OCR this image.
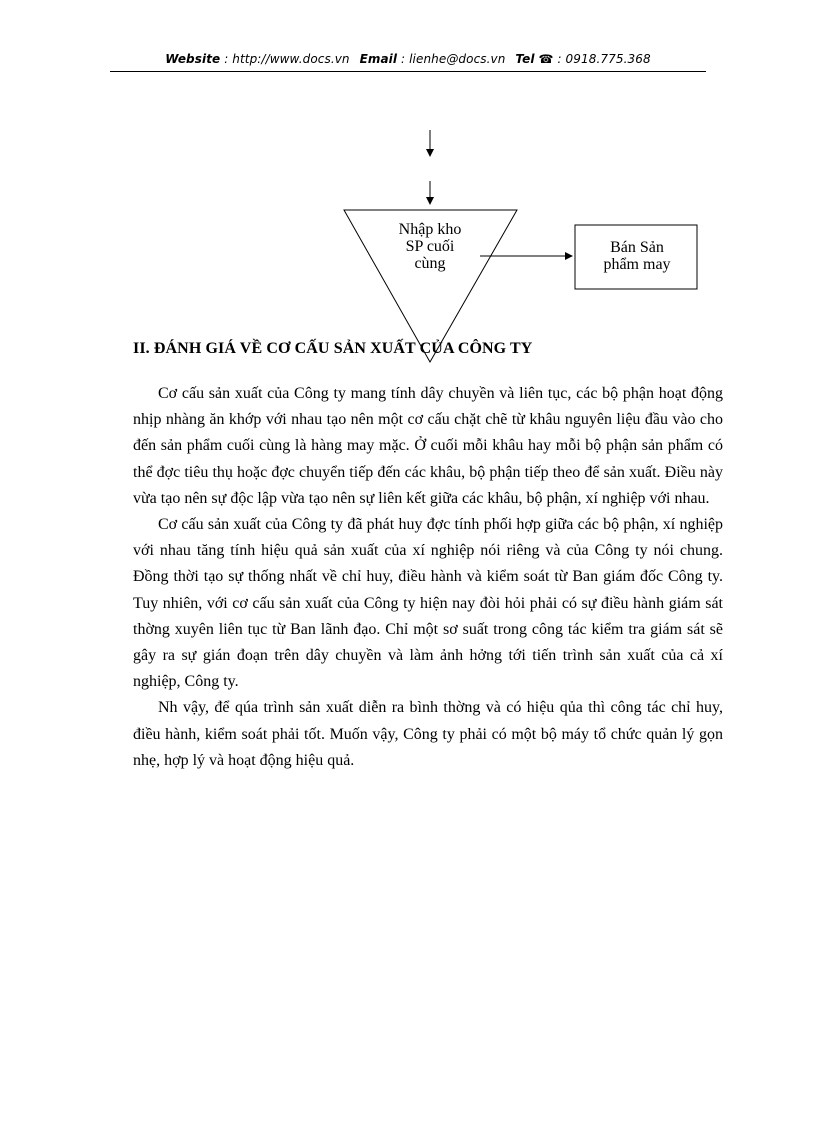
Website : http://www.docs.vn Email : lienhe@docs.vn Tel ☎ : 0918.775.368
Nhập kho
SP cuối
cùng
Bán Sản
phẩm may
II. ĐÁNH GIÁ VỀ CƠ CẤU SẢN XUẤT CỦA CÔNG TY

Cơ cấu sản xuất của Công ty mang tính dây chuyền và liên tục, các bộ phận hoạt động nhịp nhàng ăn khớp với nhau tạo nên một cơ cấu chặt chẽ từ khâu nguyên liệu đầu vào cho đến sản phẩm cuối cùng là hàng may mặc. Ở cuối mỗi khâu hay mỗi bộ phận sản phẩm có thể đợc tiêu thụ hoặc đợc chuyển tiếp đến các khâu, bộ phận tiếp theo để sản xuất. Điều này vừa tạo nên sự độc lập vừa tạo nên sự liên kết giữa các khâu, bộ phận, xí nghiệp với nhau.

Cơ cấu sản xuất của Công ty đã phát huy đợc tính phối hợp giữa các bộ phận, xí nghiệp với nhau tăng tính hiệu quả sản xuất của xí nghiệp nói riêng và của Công ty nói chung. Đồng thời tạo sự thống nhất về chỉ huy, điều hành và kiểm soát từ Ban giám đốc Công ty. Tuy nhiên, với cơ cấu sản xuất của Công ty hiện nay đòi hỏi phải có sự điều hành giám sát thờng xuyên liên tục từ Ban lãnh đạo. Chỉ một sơ suất trong công tác kiểm tra giám sát sẽ gây ra sự gián đoạn trên dây chuyền và làm ảnh hởng tới tiến trình sản xuất của cả xí nghiệp, Công ty.

Nh vậy, để qúa trình sản xuất diễn ra bình thờng và có hiệu qủa thì công tác chỉ huy, điều hành, kiểm soát phải tốt. Muốn vậy, Công ty phải có một bộ máy tổ chức quản lý gọn nhẹ, hợp lý và hoạt động hiệu quả.
